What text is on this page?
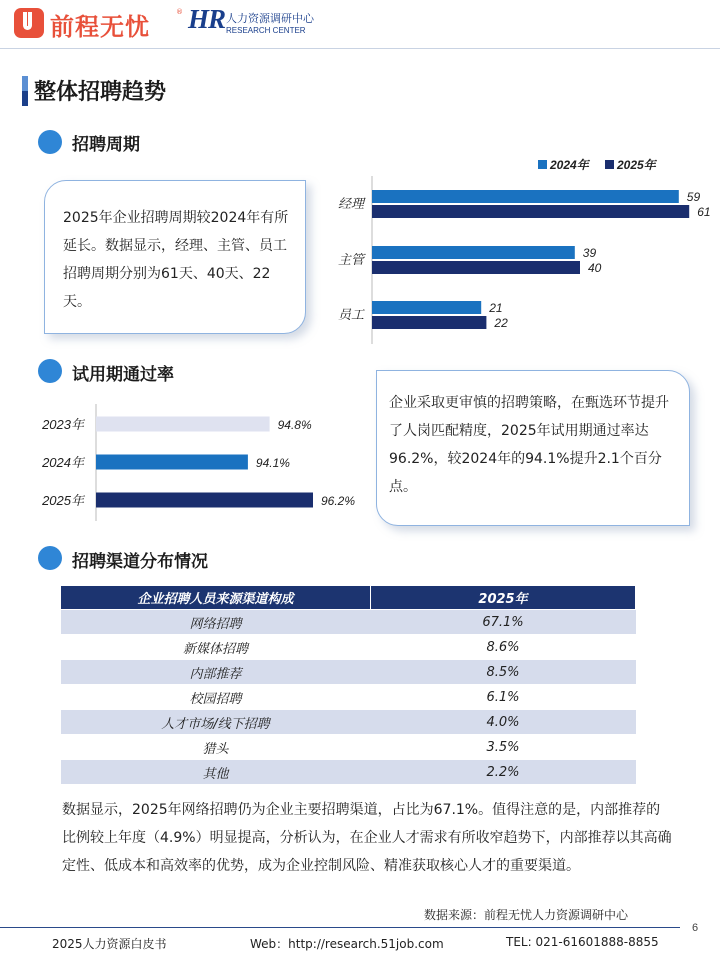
前程无忧
® HR 人力资源调研中心
RESEARCH CENTER
整体招聘趋势
招聘周期
2025年企业招聘周期较2024年有所延长。数据显示，经理、主管、员工招聘周期分别为61天、40天、22天。
2024年	2025年
经理	59
61
主管	39
40
员工	21
22
试用期通过率
2023年	94.8%
2024年	94.1%
2025年	96.2%
企业采取更审慎的招聘策略，在甄选环节提升了人岗匹配精度，2025年试用期通过率达96.2%，较2024年的94.1%提升2.1个百分点。
招聘渠道分布情况
企业招聘人员来源渠道构成	2025年
网络招聘	67.1%
新媒体招聘	8.6%
内部推荐	8.5%
校园招聘	6.1%
人才市场/线下招聘	4.0%
猎头	3.5%
其他	2.2%
数据显示，2025年网络招聘仍为企业主要招聘渠道，占比为67.1%。值得注意的是，内部推荐的比例较上年度（4.9%）明显提高，分析认为，在企业人才需求有所收窄趋势下，内部推荐以其高确定性、低成本和高效率的优势，成为企业控制风险、精准获取核心人才的重要渠道。
数据来源：前程无忧人力资源调研中心
6
2025人力资源白皮书	Web：http://research.51job.com	TEL: 021-61601888-8855
